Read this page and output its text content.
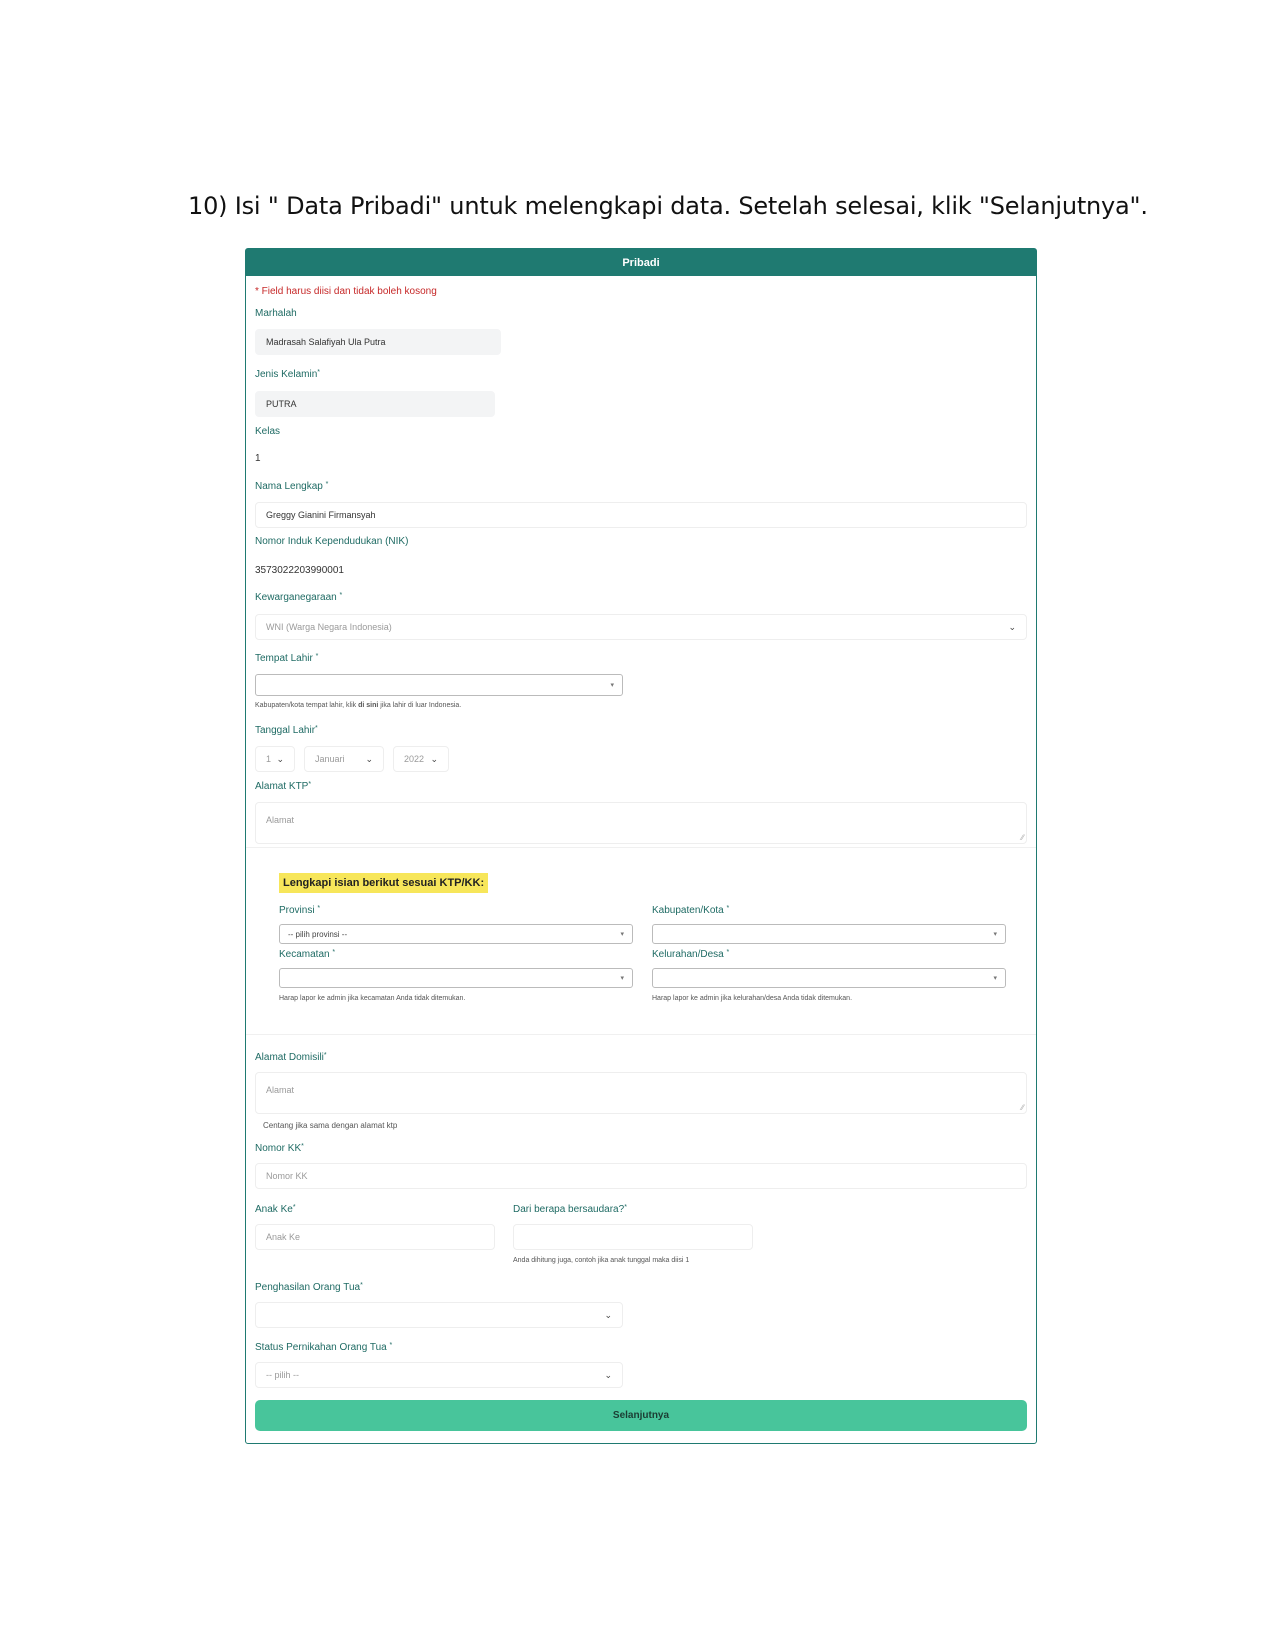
10) Isi " Data Pribadi" untuk melengkapi data. Setelah selesai, klik "Selanjutnya".
Pribadi
* Field harus diisi dan tidak boleh kosong
Marhalah
Madrasah Salafiyah Ula Putra
Jenis Kelamin*
PUTRA
Kelas
1
Nama Lengkap *
Greggy Gianini Firmansyah
Nomor Induk Kependudukan (NIK)
3573022203990001
Kewarganegaraan *
WNI (Warga Negara Indonesia)	⌄
Tempat Lahir *
▾
Kabupaten/kota tempat lahir, klik di sini jika lahir di luar Indonesia.
Tanggal Lahir*
1 ⌄	Januari ⌄	2022 ⌄
Alamat KTP*
Alamat
∕∕
Lengkapi isian berikut sesuai KTP/KK:
Provinsi *
-- pilih provinsi --	▾
Kabupaten/Kota *
▾
Kecamatan *
▾
Harap lapor ke admin jika kecamatan Anda tidak ditemukan.
Kelurahan/Desa *
▾
Harap lapor ke admin jika kelurahan/desa Anda tidak ditemukan.
Alamat Domisili*
Alamat
∕∕
Centang jika sama dengan alamat ktp
Nomor KK*
Nomor KK
Anak Ke*
Anak Ke
Dari berapa bersaudara?*
Anda dihitung juga, contoh jika anak tunggal maka diisi 1
Penghasilan Orang Tua*
⌄
Status Pernikahan Orang Tua *
-- pilih --	⌄
Selanjutnya
